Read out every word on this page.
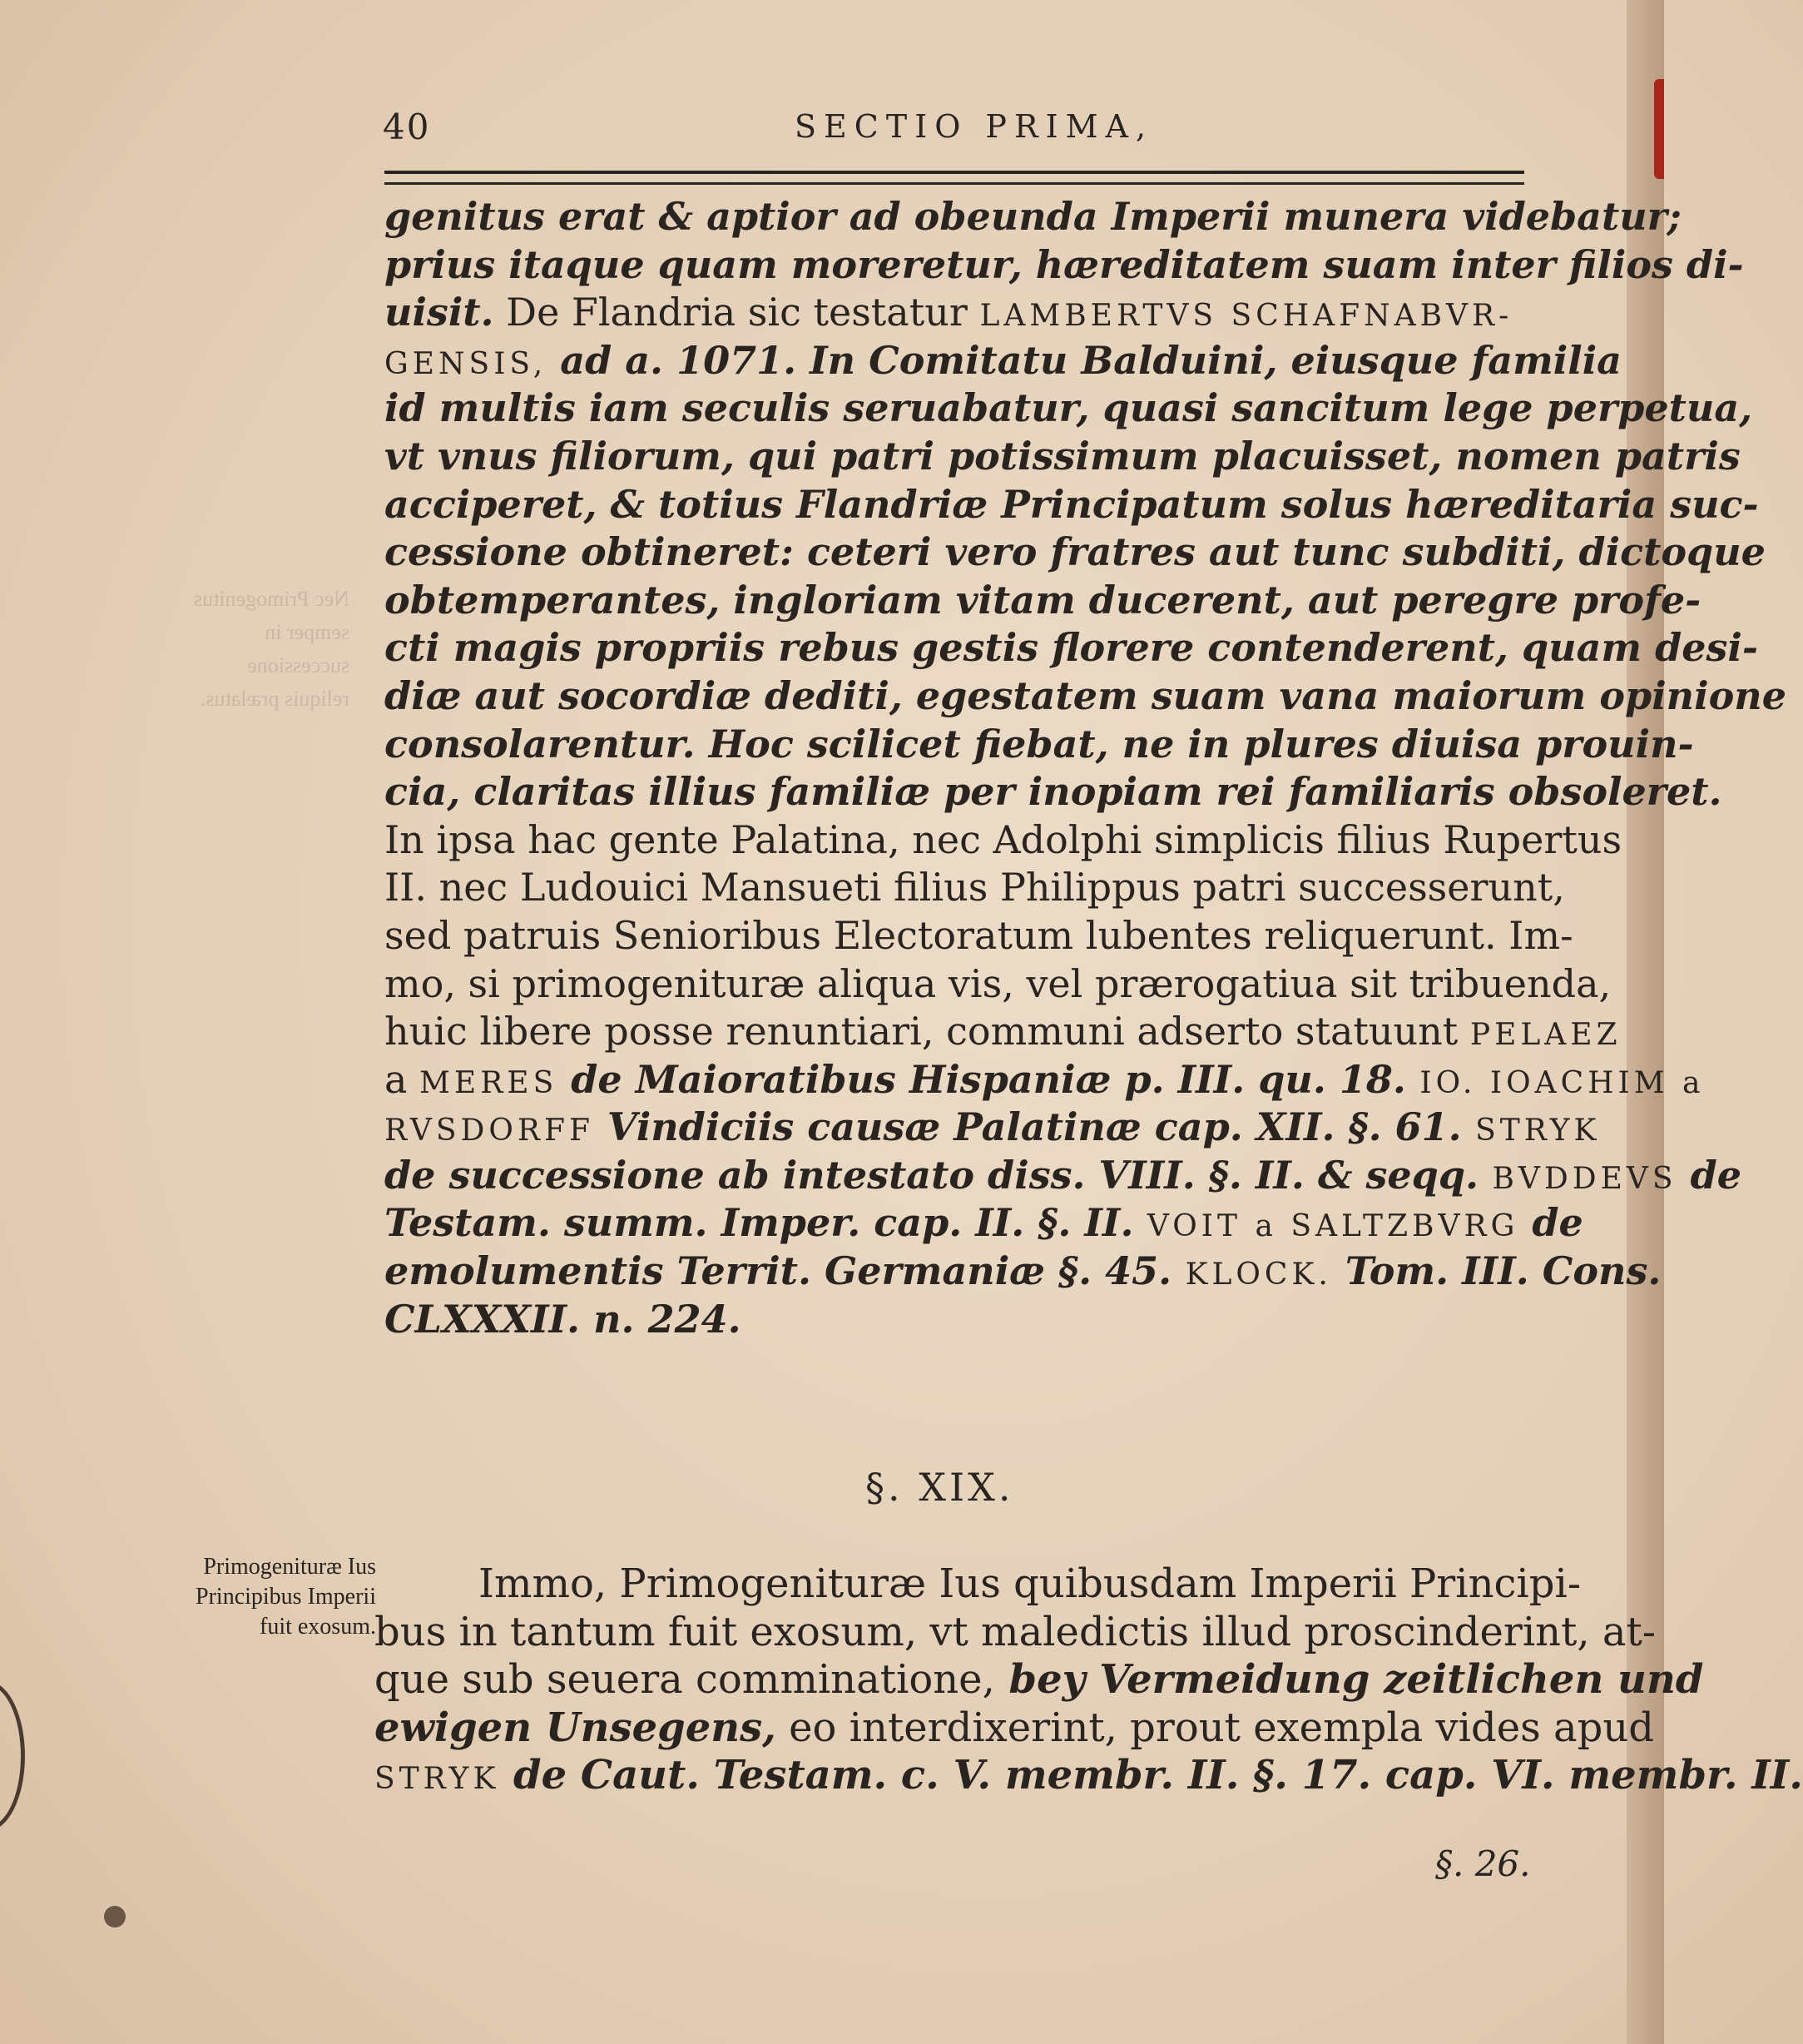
Nec Primogenitus semper in successione reliquis prælatus.
40	SECTIO PRIMA,
genitus erat & aptior ad obeunda Imperii munera videbatur;
prius itaque quam moreretur, hæreditatem suam inter filios di-
uisit. De Flandria sic testatur LAMBERTVS SCHAFNABVR-
GENSIS, ad a. 1071. In Comitatu Balduini, eiusque familia
id multis iam seculis seruabatur, quasi sancitum lege perpetua,
vt vnus filiorum, qui patri potissimum placuisset, nomen patris
acciperet, & totius Flandriæ Principatum solus hæreditaria suc-
cessione obtineret: ceteri vero fratres aut tunc subditi, dictoque
obtemperantes, ingloriam vitam ducerent, aut peregre profe-
cti magis propriis rebus gestis florere contenderent, quam desi-
diæ aut socordiæ dediti, egestatem suam vana maiorum opinione
consolarentur. Hoc scilicet fiebat, ne in plures diuisa prouin-
cia, claritas illius familiæ per inopiam rei familiaris obsoleret.
In ipsa hac gente Palatina, nec Adolphi simplicis filius Rupertus
II. nec Ludouici Mansueti filius Philippus patri successerunt,
sed patruis Senioribus Electoratum lubentes reliquerunt. Im-
mo, si primogenituræ aliqua vis, vel prærogatiua sit tribuenda,
huic libere posse renuntiari, communi adserto statuunt PELAEZ
a MERES de Maioratibus Hispaniæ p. III. qu. 18. IO. IOACHIM a
RVSDORFF Vindiciis causæ Palatinæ cap. XII. §. 61. STRYK
de successione ab intestato diss. VIII. §. II. & seqq. BVDDEVS de
Testam. summ. Imper. cap. II. §. II. VOIT a SALTZBVRG de
emolumentis Territ. Germaniæ §. 45. KLOCK. Tom. III. Cons.
CLXXXII. n. 224.
§. XIX.
Primogenituræ Ius Principibus Imperii fuit exosum.
Immo, Primogenituræ Ius quibusdam Imperii Principi-
bus in tantum fuit exosum, vt maledictis illud proscinderint, at-
que sub seuera comminatione, bey Vermeidung zeitlichen und
ewigen Unsegens, eo interdixerint, prout exempla vides apud
STRYK de Caut. Testam. c. V. membr. II. §. 17. cap. VI. membr. II.
§. 26.
